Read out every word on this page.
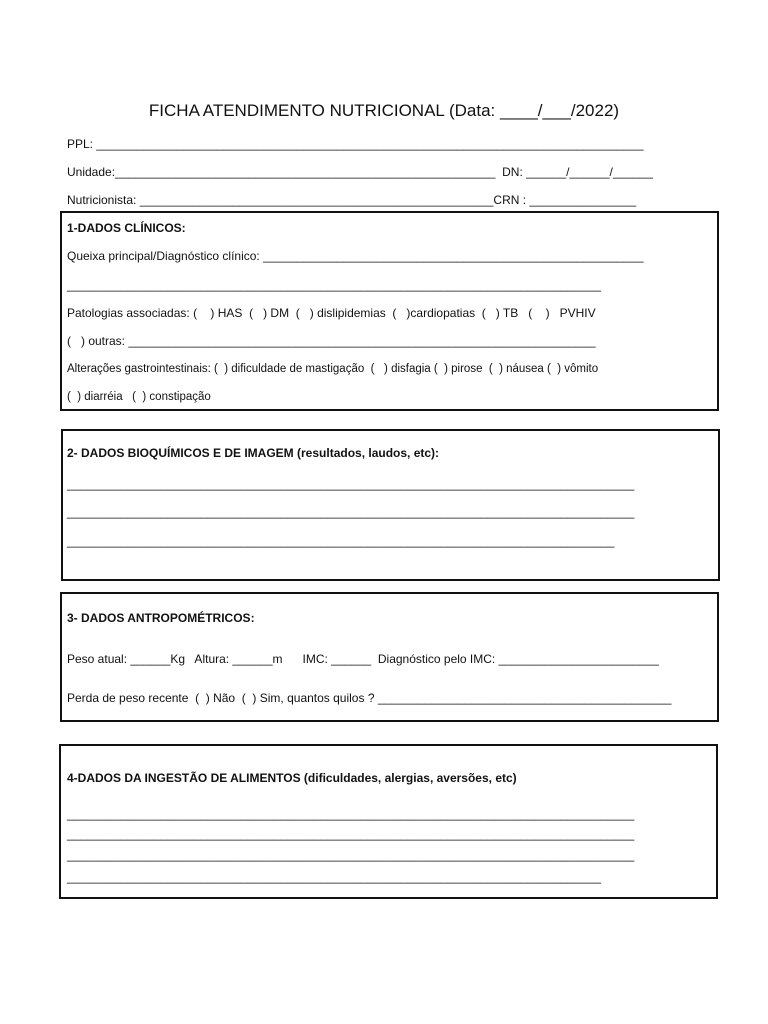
FICHA ATENDIMENTO NUTRICIONAL (Data: ____/___/2022)
PPL: __________________________________________________________________________________
Unidade:_________________________________________________________  DN: ______/______/______
Nutricionista: _____________________________________________________CRN : ________________
1-DADOS CLÍNICOS:
Queixa principal/Diagnóstico clínico: _________________________________________________________
________________________________________________________________________________
Patologias associadas: (    ) HAS  (   ) DM  (   ) dislipidemias  (   )cardiopatias  (   ) TB   (    )   PVHIV
(   ) outras: ______________________________________________________________________
Alterações gastrointestinais: (  ) dificuldade de mastigação  (   ) disfagia (  ) pirose  (  ) náusea (  ) vômito
(  ) diarréia   (  ) constipação
2- DADOS BIOQUÍMICOS E DE IMAGEM (resultados, laudos, etc):
_____________________________________________________________________________________
_____________________________________________________________________________________
__________________________________________________________________________________
3- DADOS ANTROPOMÉTRICOS:
Peso atual: ______Kg   Altura: ______m      IMC: ______  Diagnóstico pelo IMC: ________________________
Perda de peso recente  (  ) Não  (  ) Sim, quantos quilos ? ____________________________________________
4-DADOS DA INGESTÃO DE ALIMENTOS (dificuldades, alergias, aversões, etc)
_____________________________________________________________________________________
_____________________________________________________________________________________
_____________________________________________________________________________________
________________________________________________________________________________
